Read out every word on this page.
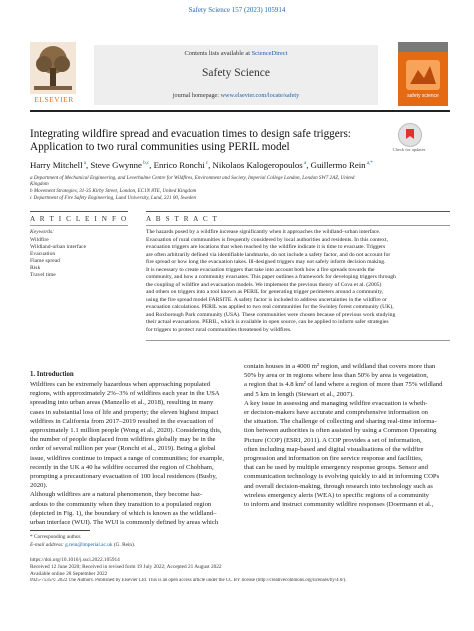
Safety Science 157 (2023) 105914
ELSEVIER
Contents lists available at ScienceDirect
Safety Science
journal homepage: www.elsevier.com/locate/safety	safety science
Integrating wildfire spread and evacuation times to design safe triggers:
Application to two rural communities using PERIL model	Check for updates
Harry Mitchell $^a$, Steve Gwynne $^{b,c}$, Enrico Ronchi $^c$, Nikolaos Kalogeropoulos $^a$, Guillermo Rein $^{a,*}$
a Department of Mechanical Engineering, and Leverhulme Centre for Wildfires, Environment and Society, Imperial College London, London SW7 2AZ, United
Kingdom
b Movement Strategies, 31-35 Kirby Street, London, EC1N 8TE, United Kingdom
c Department of Fire Safety Engineering, Lund University, Lund, 221 00, Sweden
A R T I C L E I N F O	A B S T R A C T
Keywords:
Wildfire
Wildland-urban interface
Evacuation
Flame spread
Risk
Travel time
The hazards posed by a wildfire increase significantly when it approaches the wildland–urban interface.
Evacuation of rural communities is frequently considered by local authorities and residents. In this context,
evacuation triggers are locations that when reached by the wildfire indicate it is time to evacuate. Triggers
are often arbitrarily defined via identifiable landmarks, do not include a safety factor, and do not account for
fire spread or how long the evacuation takes. Ill-designed triggers may not safely inform decision making.
It is necessary to create evacuation triggers that take into account both how a fire spreads towards the
community, and how a community evacuates. This paper outlines a framework for developing triggers through
the coupling of wildfire and evacuation models. We implement the previous theory of Cova et al. (2005)
and others on triggers into a tool known as PERIL for generating trigger perimeters around a community,
using the fire spread model FARSITE. A safety factor is included to address uncertainties in the wildfire or
evacuation calculations. PERIL was applied to two real communities for the Swinley forest community (UK),
and Roxborough Park community (USA). These communities were chosen because of previous work studying
their actual evacuations. PERIL, which is available in open source, can be applied to inform safer strategies
for triggers to protect rural communities threatened by wildfires.
1. Introduction
Wildfires can be extremely hazardous when approaching populated
regions, with approximately 2%–3% of wildfires each year in the USA
spreading into urban areas (Manzello et al., 2018), resulting in many
cases in substantial loss of life and property; the eleven highest impact
wildfires in California from 2017–2019 resulted in the evacuation of
approximately 1.1 million people (Wong et al., 2020). Considering this,
the number of people displaced from wildfires globally may be in the
order of several million per year (Ronchi et al., 2019). Being a global
issue, wildfires continue to impact a range of communities; for example,
recently in the UK a 40 ha wildfire occurred the region of Chobham,
prompting a precautionary evacuation of 100 local residences (Busby,
2020).
Although wildfires are a natural phenomenon, they become haz-
ardous to the community when they transition to a populated region
(depicted in Fig. 1), the boundary of which is known as the wildland–
urban interface (WUI). The WUI is commonly defined by areas which
contain houses in a 4000 m² region, and wildland that covers more than
50% by area or in regions where less than 50% by area is vegetation,
a region that is 4.8 km² of land where a region of more than 75% wildland
and 5 km in length (Stewart et al., 2007).
A key issue in assessing and managing wildfire evacuation is wheth-
er decision-makers have accurate and comprehensive information on
the situation. The challenge of collecting and sharing real-time informa-
tion between authorities is often assisted by using a Common Operating
Picture (COP) (ESRI, 2011). A COP provides a set of information,
often including map-based and digital visualisations of the wildfire
progression and information on fire service response and facilities,
that can be used by multiple emergency response groups. Sensor and
communication technology is evolving quickly to aid in informing COPs
and overall decision-making, through research into technology such as
wireless emergency alerts (WEA) to specific regions of a community
to inform and instruct community wildfire responses (Doermann et al.,
* Corresponding author.
E-mail address: g.rein@imperial.ac.uk (G. Rein).
https://doi.org/10.1016/j.ssci.2022.105914
Received 12 June 2020; Received in revised form 19 July 2022; Accepted 21 August 2022
Available online 28 September 2022
0925-7535/© 2022 The Authors. Published by Elsevier Ltd. This is an open access article under the CC BY license (http://creativecommons.org/licenses/by/4.0/).
